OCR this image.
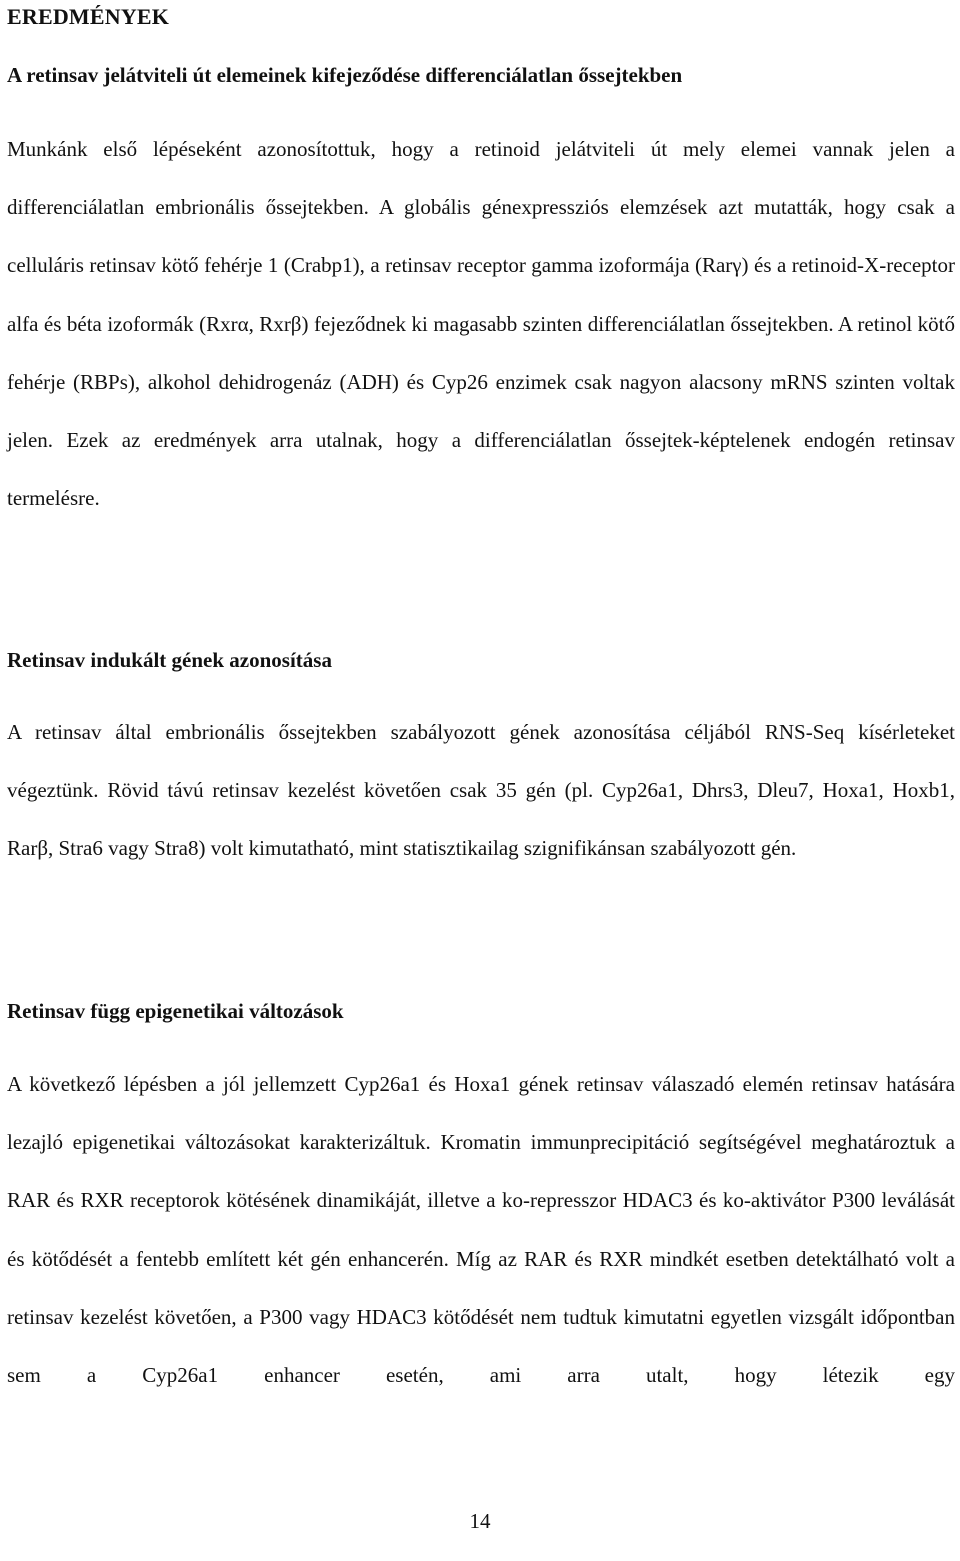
EREDMÉNYEK
A retinsav jelátviteli út elemeinek kifejeződése differenciálatlan őssejtekben

Munkánk első lépéseként azonosítottuk, hogy a retinoid jelátviteli út mely elemei vannak jelen a differenciálatlan embrionális őssejtekben. A globális génexpressziós elemzések azt mutatták, hogy csak a celluláris retinsav kötő fehérje 1 (Crabp1), a retinsav receptor gamma izoformája (Rarγ) és a retinoid-X-receptor alfa és béta izoformák (Rxrα, Rxrβ) fejeződnek ki magasabb szinten differenciálatlan őssejtekben. A retinol kötő fehérje (RBPs), alkohol dehidrogenáz (ADH) és Cyp26 enzimek csak nagyon alacsony mRNS szinten voltak jelen. Ezek az eredmények arra utalnak, hogy a differenciálatlan őssejtek-képtelenek endogén retinsav termelésre.

Retinsav indukált gének azonosítása

A retinsav által embrionális őssejtekben szabályozott gének azonosítása céljából RNS-Seq kísérleteket végeztünk. Rövid távú retinsav kezelést követően csak 35 gén (pl. Cyp26a1, Dhrs3, Dleu7, Hoxa1, Hoxb1, Rarβ, Stra6 vagy Stra8) volt kimutatható, mint statisztikailag szignifikánsan szabályozott gén.

Retinsav függ epigenetikai változások

A következő lépésben a jól jellemzett Cyp26a1 és Hoxa1 gének retinsav válaszadó elemén retinsav hatására lezajló epigenetikai változásokat karakterizáltuk. Kromatin immunprecipitáció segítségével meghatároztuk a RAR és RXR receptorok kötésének dinamikáját, illetve a ko-represszor HDAC3 és ko-aktivátor P300 leválását és kötődését a fentebb említett két gén enhancerén. Míg az RAR és RXR mindkét esetben detektálható volt a retinsav kezelést követően, a P300 vagy HDAC3 kötődését nem tudtuk kimutatni egyetlen vizsgált időpontban sem a Cyp26a1 enhancer esetén, ami arra utalt, hogy létezik egy

14
